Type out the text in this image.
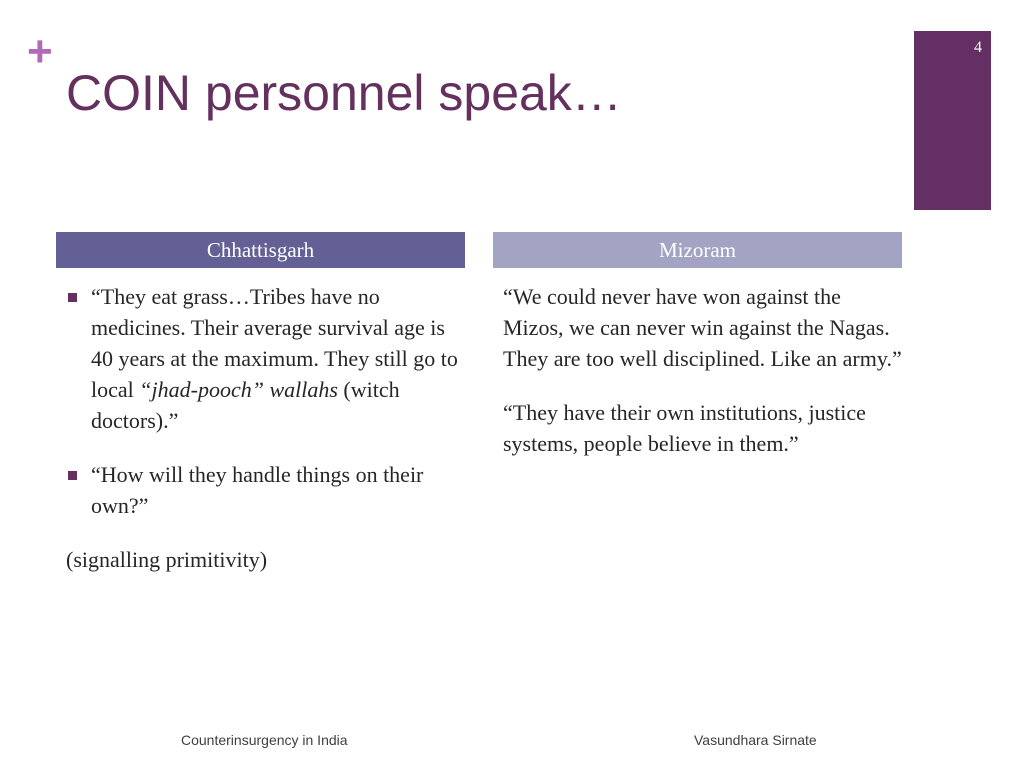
+
COIN personnel speak…
4
Chhattisgarh	Mizoram
“They eat grass…Tribes have no medicines. Their average survival age is 40 years at the maximum. They still go to local “jhad-pooch” wallahs (witch doctors).”
“How will they handle things on their own?”

(signalling primitivity)

“We could never have won against the Mizos, we can never win against the Nagas. They are too well disciplined. Like an army.”

“They have their own institutions, justice systems, people believe in them.”

Counterinsurgency in India	Vasundhara Sirnate
